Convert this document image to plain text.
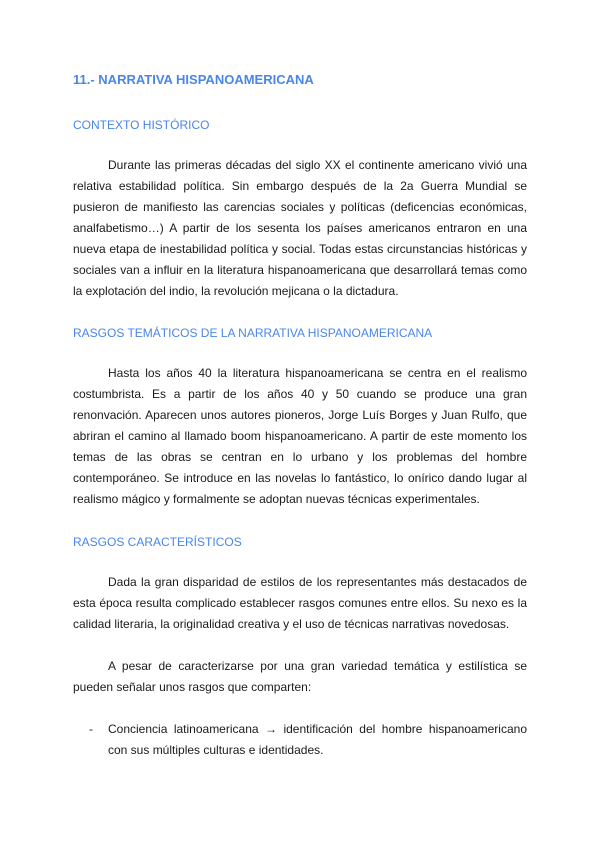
11.- NARRATIVA HISPANOAMERICANA
CONTEXTO HISTÓRICO

Durante las primeras décadas del siglo XX el continente americano vivió una relativa estabilidad política. Sin embargo después de la 2a Guerra Mundial se pusieron de manifiesto las carencias sociales y políticas (deficencias económicas, analfabetismo…) A partir de los sesenta los países americanos entraron en una nueva etapa de inestabilidad política y social. Todas estas circunstancias históricas y sociales van a influir en la literatura hispanoamericana que desarrollará temas como la explotación del indio, la revolución mejicana o la dictadura.

RASGOS TEMÁTICOS DE LA NARRATIVA HISPANOAMERICANA

Hasta los años 40 la literatura hispanoamericana se centra en el realismo costumbrista. Es a partir de los años 40 y 50 cuando se produce una gran renonvación. Aparecen unos autores pioneros, Jorge Luís Borges y Juan Rulfo, que abriran el camino al llamado boom hispanoamericano. A partir de este momento los temas de las obras se centran en lo urbano y los problemas del hombre contemporáneo. Se introduce en las novelas lo fantástico, lo onírico dando lugar al realismo mágico y formalmente se adoptan nuevas técnicas experimentales.

RASGOS CARACTERÍSTICOS

Dada la gran disparidad de estilos de los representantes más destacados de esta época resulta complicado establecer rasgos comunes entre ellos. Su nexo es la calidad literaria, la originalidad creativa y el uso de técnicas narrativas novedosas.

A pesar de caracterizarse por una gran variedad temática y estilística se pueden señalar unos rasgos que comparten:

- Conciencia latinoamericana → identificación del hombre hispanoamericano con sus múltiples culturas e identidades.
